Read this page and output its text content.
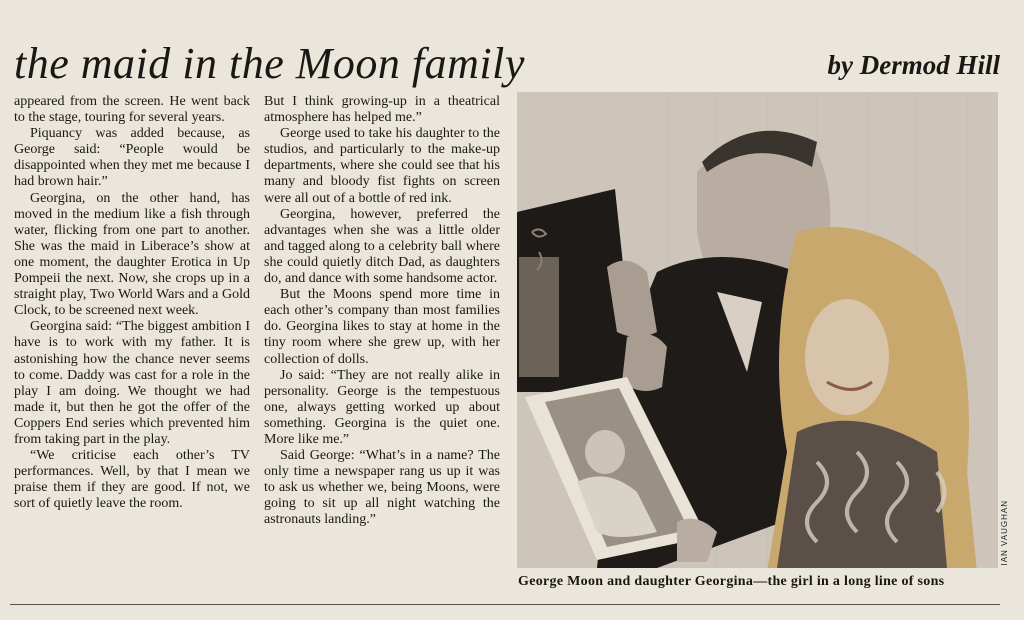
the maid in the Moon family	by Dermod Hill

appeared from the screen. He went back to the stage, touring for several years.

Piquancy was added because, as George said: “People would be disappointed when they met me because I had brown hair.”

Georgina, on the other hand, has moved in the medium like a fish through water, flicking from one part to another. She was the maid in Liberace’s show at one moment, the daughter Erotica in Up Pompeii the next. Now, she crops up in a straight play, Two World Wars and a Gold Clock, to be screened next week.

Georgina said: “The biggest ambition I have is to work with my father. It is astonishing how the chance never seems to come. Daddy was cast for a role in the play I am doing. We thought we had made it, but then he got the offer of the Coppers End series which prevented him from taking part in the play.

“We criticise each other’s TV performances. Well, by that I mean we praise them if they are good. If not, we sort of quietly leave the room.

But I think growing-up in a theatrical atmosphere has helped me.”

George used to take his daughter to the studios, and particularly to the make-up departments, where she could see that his many and bloody fist fights on screen were all out of a bottle of red ink.

Georgina, however, preferred the advantages when she was a little older and tagged along to a celebrity ball where she could quietly ditch Dad, as daughters do, and dance with some handsome actor.

But the Moons spend more time in each other’s company than most families do. Georgina likes to stay at home in the tiny room where she grew up, with her collection of dolls.

Jo said: “They are not really alike in personality. George is the tempestuous one, always getting worked up about something. Georgina is the quiet one. More like me.”

Said George: “What’s in a name? The only time a newspaper rang us up it was to ask us whether we, being Moons, were going to sit up all night watching the astronauts landing.”	IAN VAUGHAN
George Moon and daughter Georgina—the girl in a long line of sons
